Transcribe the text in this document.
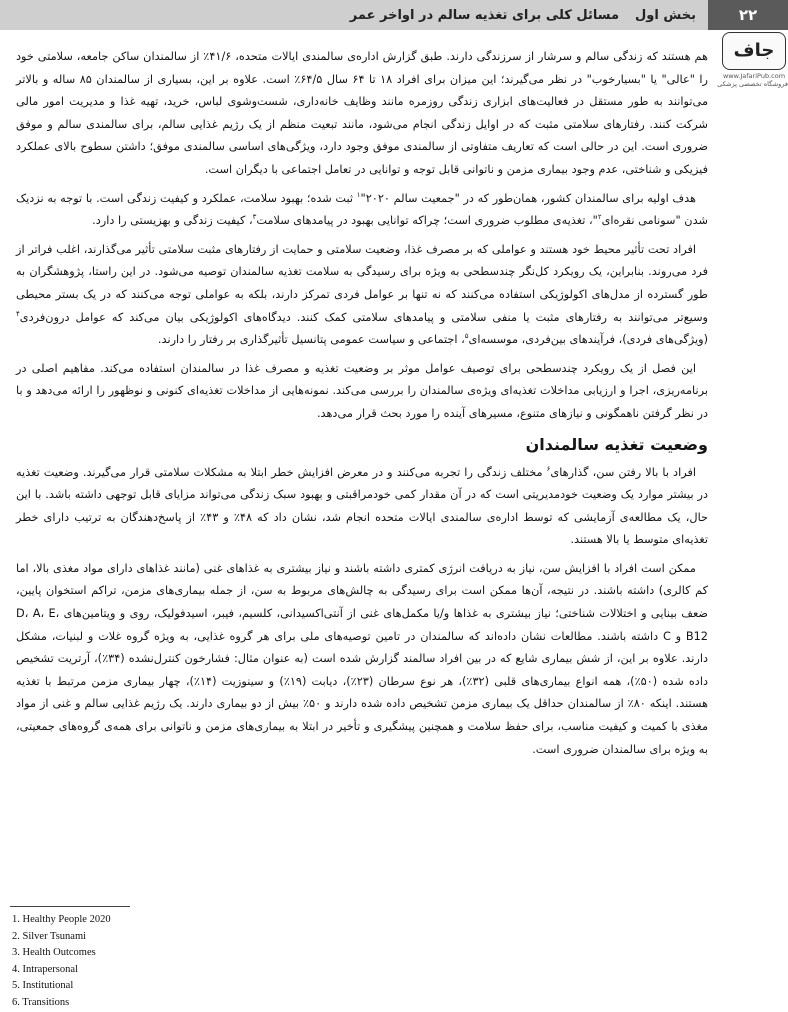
بخش اول
مسائل کلی برای تغذیه سالم در اواخر عمر	۲۲
جاف
www.JafariPub.com
فروشگاه تخصصی پزشکی

هم هستند که زندگی سالم و سرشار از سرزندگی دارند. طبق گزارش اداره‌ی سالمندی ایالات متحده، ۴۱/۶٪ از سالمندان ساکن جامعه، سلامتی خود را "عالی" یا "بسیارخوب" در نظر می‌گیرند؛ این میزان برای افراد ۱۸ تا ۶۴ سال ۶۴/۵٪ است. علاوه بر این، بسیاری از سالمندان ۸۵ ساله و بالاتر می‌توانند به طور مستقل در فعالیت‌های ابزاری زندگی روزمره مانند وظایف خانه‌داری، شست‌وشوی لباس، خرید، تهیه غذا و مدیریت امور مالی شرکت کنند. رفتارهای سلامتی مثبت که در اوایل زندگی انجام می‌شود، مانند تبعیت منظم از یک رژیم غذایی سالم، برای سالمندی سالم و موفق ضروری است. این در حالی است که تعاریف متفاوتی از سالمندی موفق وجود دارد، ویژگی‌های اساسی سالمندی موفق؛ داشتن سطوح بالای عملکرد فیزیکی و شناختی، عدم وجود بیماری مزمن و ناتوانی قابل توجه و توانایی در تعامل اجتماعی با دیگران است.

هدف اولیه برای سالمندان کشور، همان‌طور که در "جمعیت سالم ۲۰۲۰"$^۱$ ثبت شده؛ بهبود سلامت، عملکرد و کیفیت زندگی است. با توجه به نزدیک شدن "سونامی نقره‌ای$^۲$"، تغذیه‌ی مطلوب ضروری است؛ چراکه توانایی بهبود در پیامدهای سلامت$^۳$، کیفیت زندگی و بهزیستی را دارد.

افراد تحت تأثیر محیط خود هستند و عواملی که بر مصرف غذا، وضعیت سلامتی و حمایت از رفتارهای مثبت سلامتی تأثیر می‌گذارند، اغلب فراتر از فرد می‌روند. بنابراین، یک رویکرد کل‌نگر چندسطحی به ویژه برای رسیدگی به سلامت تغذیه سالمندان توصیه می‌شود. در این راستا، پژوهشگران به طور گسترده از مدل‌های اکولوژیکی استفاده می‌کنند که نه تنها بر عوامل فردی تمرکز دارند، بلکه به عواملی توجه می‌کنند که در یک بستر محیطی وسیع‌تر می‌توانند به رفتارهای مثبت یا منفی سلامتی و پیامدهای سلامتی کمک کنند. دیدگاه‌های اکولوژیکی بیان می‌کند که عوامل درون‌فردی$^۴$ (ویژگی‌های فردی)، فرآیندهای بین‌فردی، موسسه‌ای$^۵$، اجتماعی و سیاست عمومی پتانسیل تأثیرگذاری بر رفتار را دارند.

این فصل از یک رویکرد چندسطحی برای توصیف عوامل موثر بر وضعیت تغذیه و مصرف غذا در سالمندان استفاده می‌کند. مفاهیم اصلی در برنامه‌ریزی، اجرا و ارزیابی مداخلات تغذیه‌ای ویژه‌ی سالمندان را بررسی می‌کند. نمونه‌هایی از مداخلات تغذیه‌ای کنونی و نوظهور را ارائه می‌دهد و با در نظر گرفتن ناهمگونی و نیازهای متنوع، مسیرهای آینده را مورد بحث قرار می‌دهد.

وضعیت تغذیه سالمندان

افراد با بالا رفتن سن، گذارهای$^۶$ مختلف زندگی را تجربه می‌کنند و در معرض افزایش خطر ابتلا به مشکلات سلامتی قرار می‌گیرند. وضعیت تغذیه در بیشتر موارد یک وضعیت خودمدیریتی است که در آن مقدار کمی خودمراقبتی و بهبود سبک زندگی می‌تواند مزایای قابل توجهی داشته باشد. با این حال، یک مطالعه‌ی آزمایشی که توسط اداره‌ی سالمندی ایالات متحده انجام شد، نشان داد که ۴۸٪ و ۴۳٪ از پاسخ‌دهندگان به ترتیب دارای خطر تغذیه‌ای متوسط یا بالا هستند.

ممکن است افراد با افزایش سن، نیاز به دریافت انرژی کمتری داشته باشند و نیاز بیشتری به غذاهای غنی (مانند غذاهای دارای مواد مغذی بالا، اما کم کالری) داشته باشند. در نتیجه، آن‌ها ممکن است برای رسیدگی به چالش‌های مربوط به سن، از جمله بیماری‌های مزمن، تراکم استخوان پایین، ضعف بینایی و اختلالات شناختی؛ نیاز بیشتری به غذاها و/یا مکمل‌های غنی از آنتی‌اکسیدانی، کلسیم، فیبر، اسیدفولیک، روی و ویتامین‌های D، A، E، B12 و C داشته باشند. مطالعات نشان داده‌اند که سالمندان در تامین توصیه‌های ملی برای هر گروه غذایی، به ویژه گروه غلات و لبنیات، مشکل دارند. علاوه بر این، از شش بیماری شایع که در بین افراد سالمند گزارش شده است (به عنوان مثال: فشارخون کنترل‌نشده (۳۴٪)، آرتریت تشخیص داده شده (۵۰٪)، همه انواع بیماری‌های قلبی (۳۲٪)، هر نوع سرطان (۲۳٪)، دیابت (۱۹٪) و سینوزیت (۱۴٪)، چهار بیماری مزمن مرتبط با تغذیه هستند. اینکه ۸۰٪ از سالمندان حداقل یک بیماری مزمن تشخیص داده شده دارند و ۵۰٪ بیش از دو بیماری دارند. یک رژیم غذایی سالم و غنی از مواد مغذی با کمیت و کیفیت مناسب، برای حفظ سلامت و همچنین پیشگیری و تأخیر در ابتلا به بیماری‌های مزمن و ناتوانی برای همه‌ی گروه‌های جمعیتی، به ویژه برای سالمندان ضروری است.

1. Healthy People 2020
2. Silver Tsunami
3. Health Outcomes
4. Intrapersonal
5. Institutional
6. Transitions
